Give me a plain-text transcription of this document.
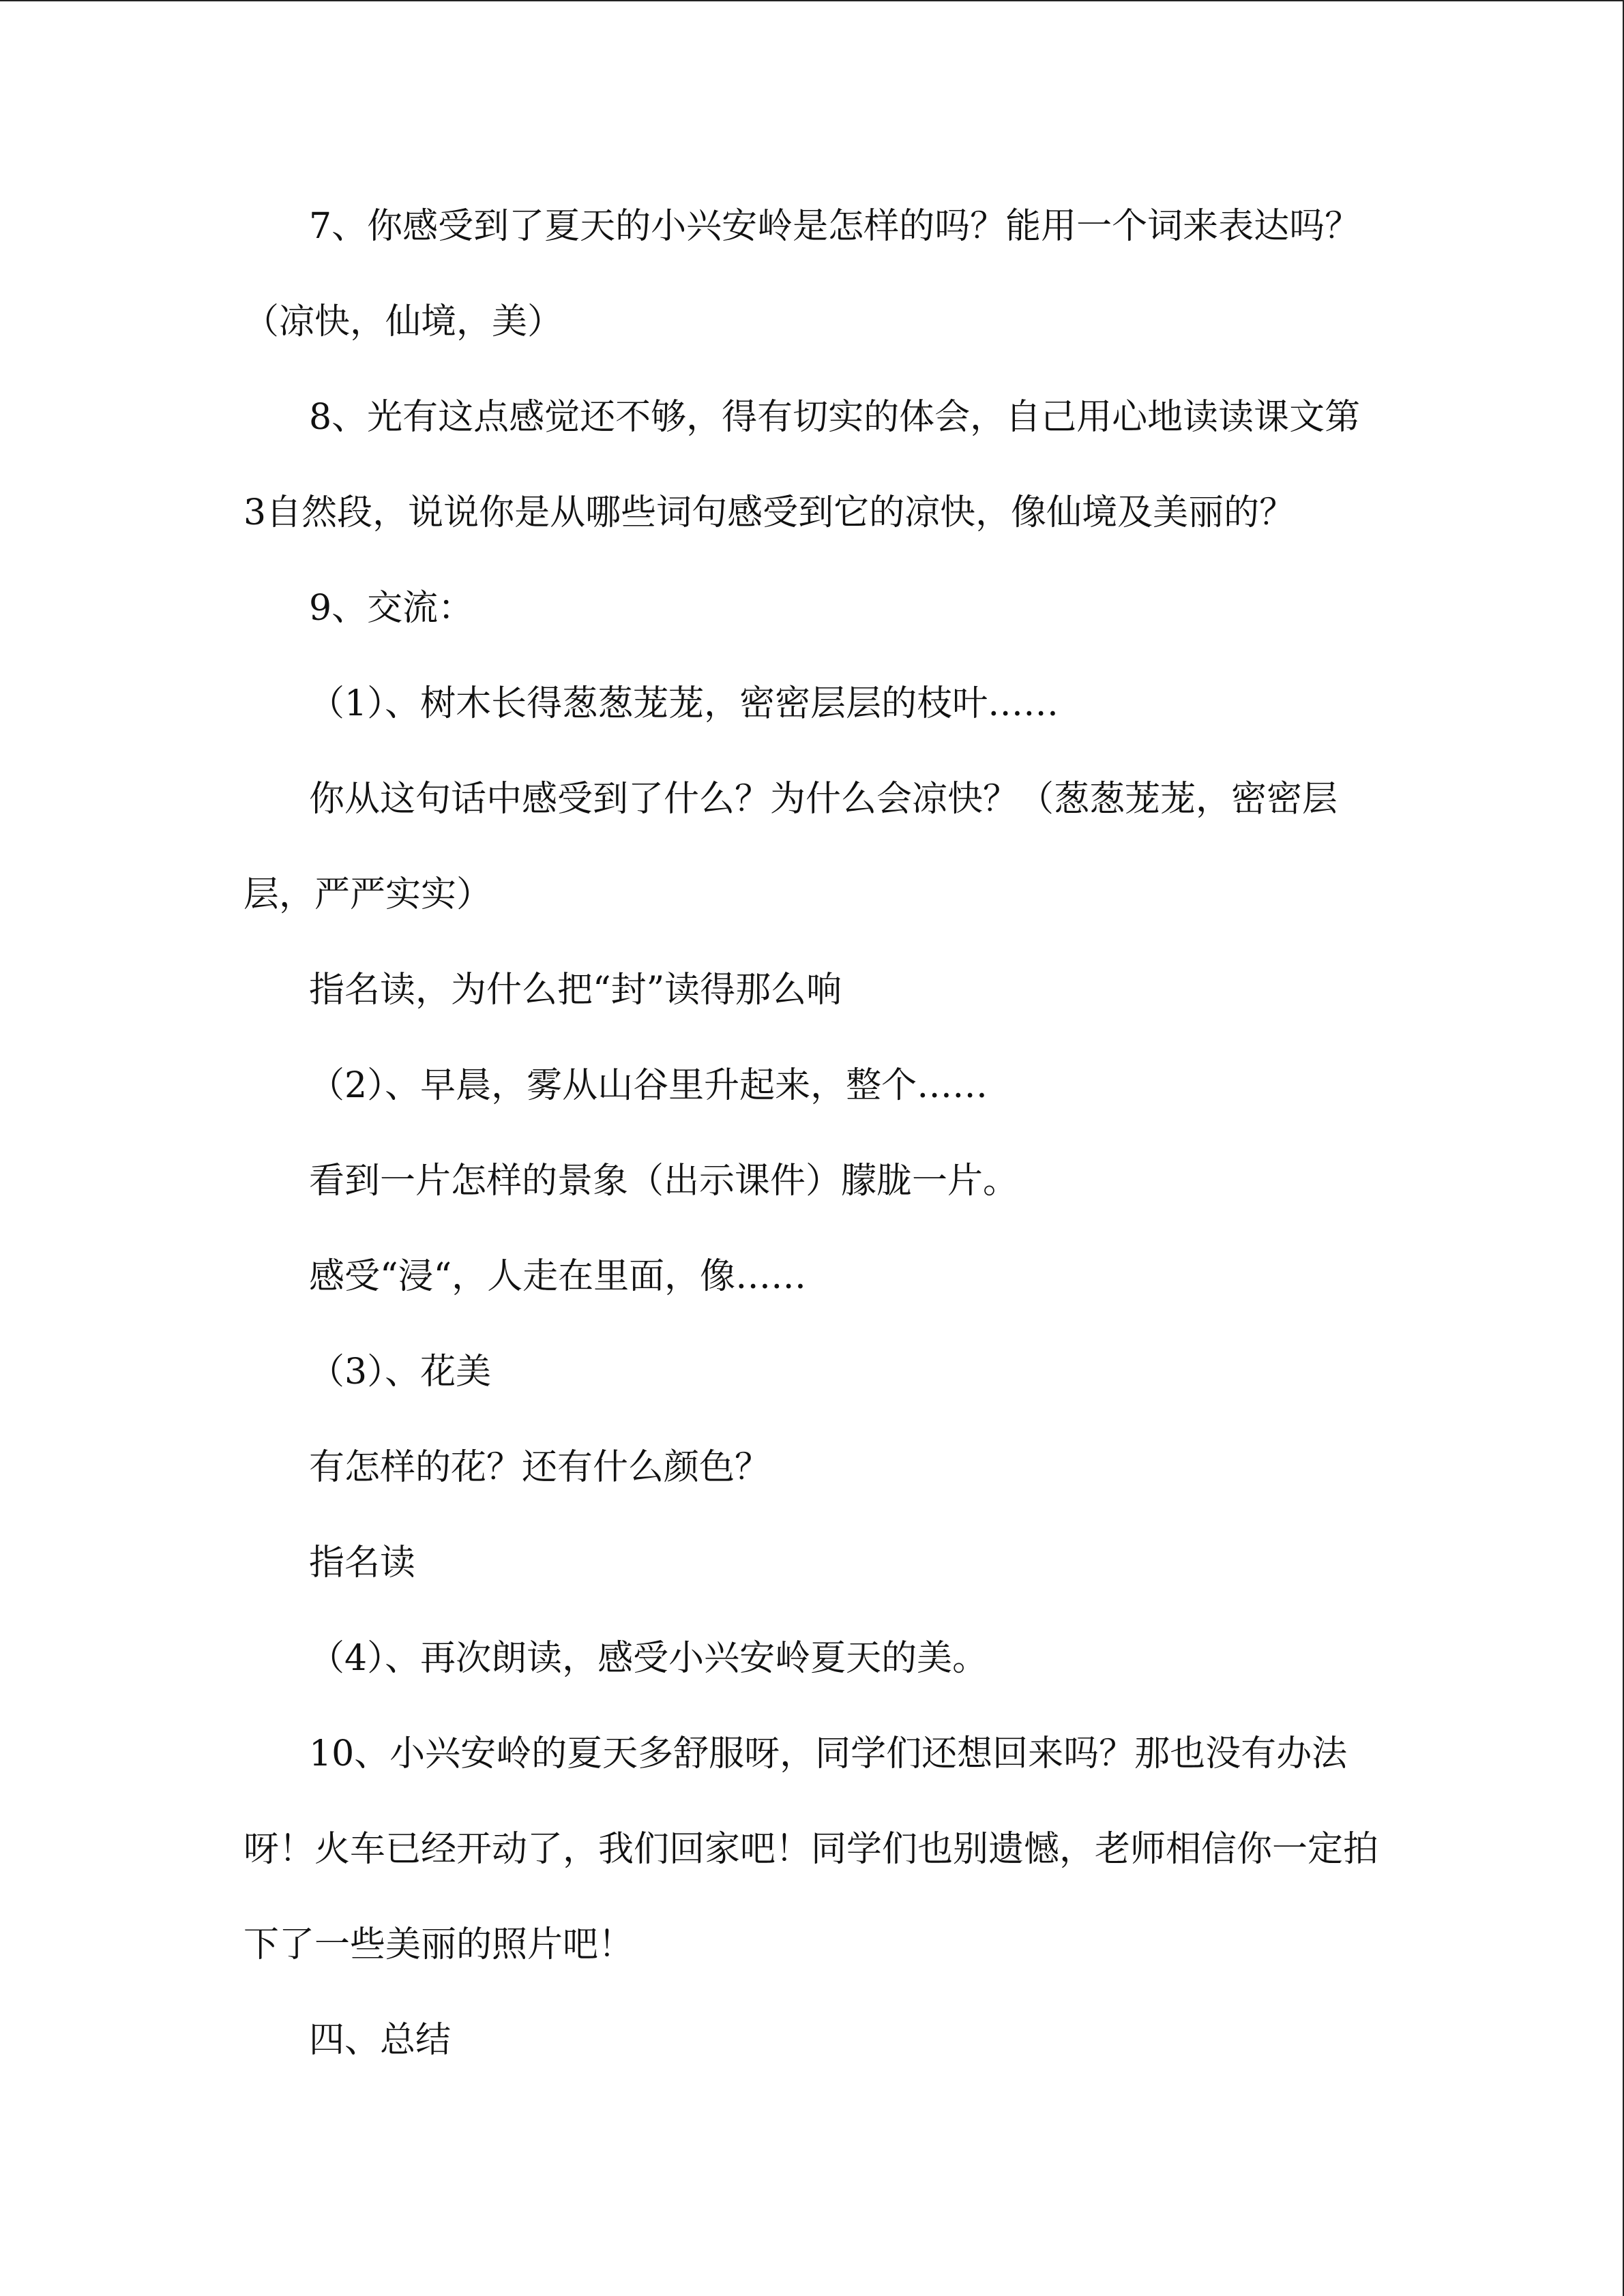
7、你感受到了夏天的小兴安岭是怎样的吗？能用一个词来表达吗？（凉快，仙境，美）

8、光有这点感觉还不够，得有切实的体会，自己用心地读读课文第3自然段，说说你是从哪些词句感受到它的凉快，像仙境及美丽的？

9、交流：

（1）、树木长得葱葱茏茏，密密层层的枝叶……

你从这句话中感受到了什么？为什么会凉快？（葱葱茏茏，密密层层，严严实实）

指名读，为什么把“封”读得那么响

（2）、早晨，雾从山谷里升起来，整个……

看到一片怎样的景象（出示课件）朦胧一片。

感受“浸“，人走在里面，像……

（3）、花美

有怎样的花？还有什么颜色？

指名读

（4）、再次朗读，感受小兴安岭夏天的美。

10、小兴安岭的夏天多舒服呀，同学们还想回来吗？那也没有办法呀！火车已经开动了，我们回家吧！同学们也别遗憾，老师相信你一定拍下了一些美丽的照片吧！

四、总结
